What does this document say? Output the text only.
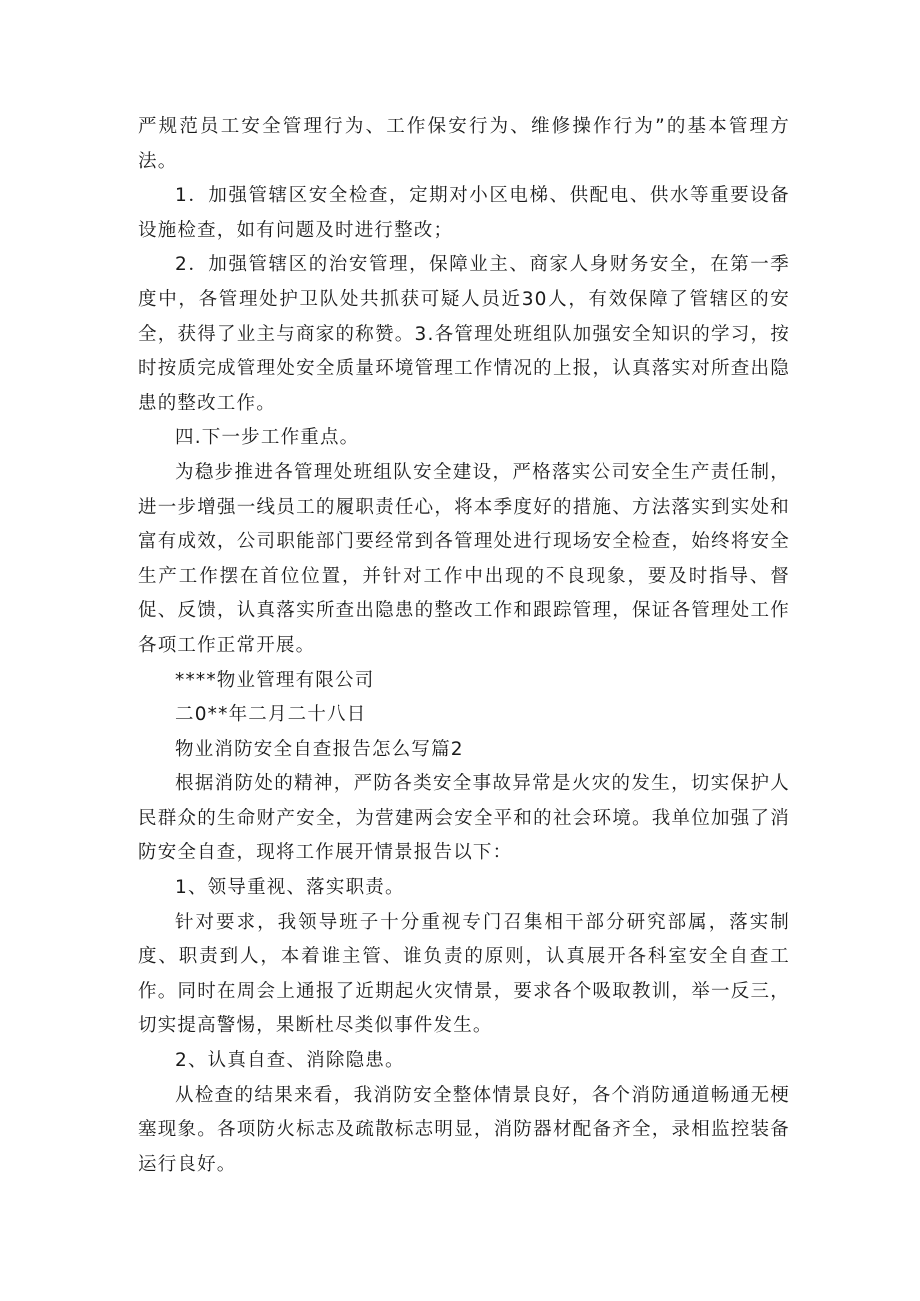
严规范员工安全管理行为、工作保安行为、维修操作行为”的基本管理方法。

1．加强管辖区安全检查，定期对小区电梯、供配电、供水等重要设备设施检查，如有问题及时进行整改；

2．加强管辖区的治安管理，保障业主、商家人身财务安全，在第一季度中，各管理处护卫队处共抓获可疑人员近30人，有效保障了管辖区的安全，获得了业主与商家的称赞。3.各管理处班组队加强安全知识的学习，按时按质完成管理处安全质量环境管理工作情况的上报，认真落实对所查出隐患的整改工作。

四.下一步工作重点。

为稳步推进各管理处班组队安全建设，严格落实公司安全生产责任制，进一步增强一线员工的履职责任心，将本季度好的措施、方法落实到实处和富有成效，公司职能部门要经常到各管理处进行现场安全检查，始终将安全生产工作摆在首位位置，并针对工作中出现的不良现象，要及时指导、督促、反馈，认真落实所查出隐患的整改工作和跟踪管理，保证各管理处工作各项工作正常开展。

****物业管理有限公司

二0**年二月二十八日

物业消防安全自查报告怎么写篇2

根据消防处的精神，严防各类安全事故异常是火灾的发生，切实保护人民群众的生命财产安全，为营建两会安全平和的社会环境。我单位加强了消防安全自查，现将工作展开情景报告以下：

1、领导重视、落实职责。

针对要求，我领导班子十分重视专门召集相干部分研究部属，落实制度、职责到人，本着谁主管、谁负责的原则，认真展开各科室安全自查工作。同时在周会上通报了近期起火灾情景，要求各个吸取教训，举一反三，切实提高警惕，果断杜尽类似事件发生。

2、认真自查、消除隐患。

从检查的结果来看，我消防安全整体情景良好，各个消防通道畅通无梗塞现象。各项防火标志及疏散标志明显，消防器材配备齐全，录相监控装备运行良好。
